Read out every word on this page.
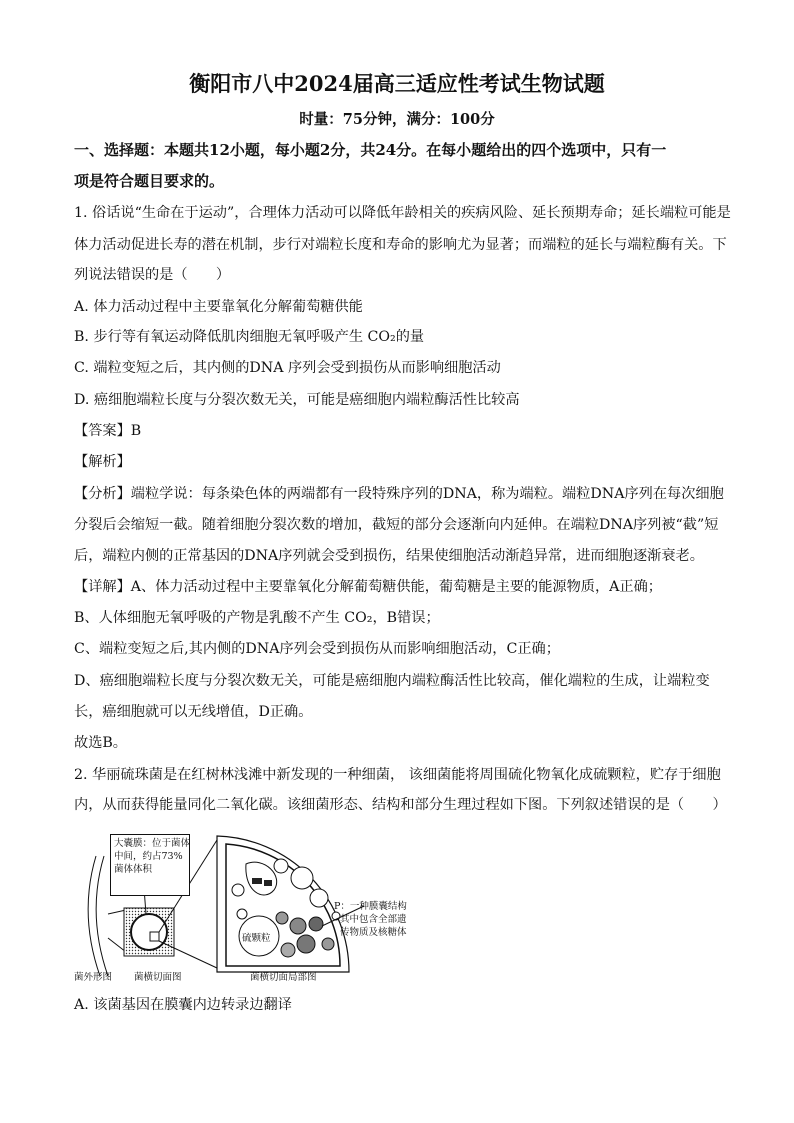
衡阳市八中2024届高三适应性考试生物试题
时量：75分钟，满分：100分
一、选择题：本题共12小题，每小题2分，共24分。在每小题给出的四个选项中，只有一
项是符合题目要求的。
1. 俗话说“生命在于运动”，合理体力活动可以降低年龄相关的疾病风险、延长预期寿命；延长端粒可能是
体力活动促进长寿的潜在机制，步行对端粒长度和寿命的影响尤为显著；而端粒的延长与端粒酶有关。下
列说法错误的是（　　）
A. 体力活动过程中主要靠氧化分解葡萄糖供能
B. 步行等有氧运动降低肌肉细胞无氧呼吸产生 CO₂的量
C. 端粒变短之后，其内侧的DNA 序列会受到损伤从而影响细胞活动
D. 癌细胞端粒长度与分裂次数无关，可能是癌细胞内端粒酶活性比较高
【答案】B
【解析】
【分析】端粒学说：每条染色体的两端都有一段特殊序列的DNA，称为端粒。端粒DNA序列在每次细胞
分裂后会缩短一截。随着细胞分裂次数的增加，截短的部分会逐渐向内延伸。在端粒DNA序列被“截”短
后，端粒内侧的正常基因的DNA序列就会受到损伤，结果使细胞活动渐趋异常，进而细胞逐渐衰老。
【详解】A、体力活动过程中主要靠氧化分解葡萄糖供能，葡萄糖是主要的能源物质，A正确；
B、人体细胞无氧呼吸的产物是乳酸不产生 CO₂，B错误；
C、端粒变短之后,其内侧的DNA序列会受到损伤从而影响细胞活动，C正确；
D、癌细胞端粒长度与分裂次数无关，可能是癌细胞内端粒酶活性比较高，催化端粒的生成，让端粒变
长，癌细胞就可以无线增值，D正确。
故选B。
2. 华丽硫珠菌是在红树林浅滩中新发现的一种细菌， 该细菌能将周围硫化物氧化成硫颗粒，贮存于细胞
内，从而获得能量同化二氧化碳。该细菌形态、结构和部分生理过程如下图。下列叙述错误的是（　　）
大囊膜：位于菌体
中间，约占73%
菌体体积
P：一种膜囊结构
其中包含全部遗
传物质及核糖体
硫颗粒
菌外形图 菌横切面图	菌横切面局部图
A. 该菌基因在膜囊内边转录边翻译
